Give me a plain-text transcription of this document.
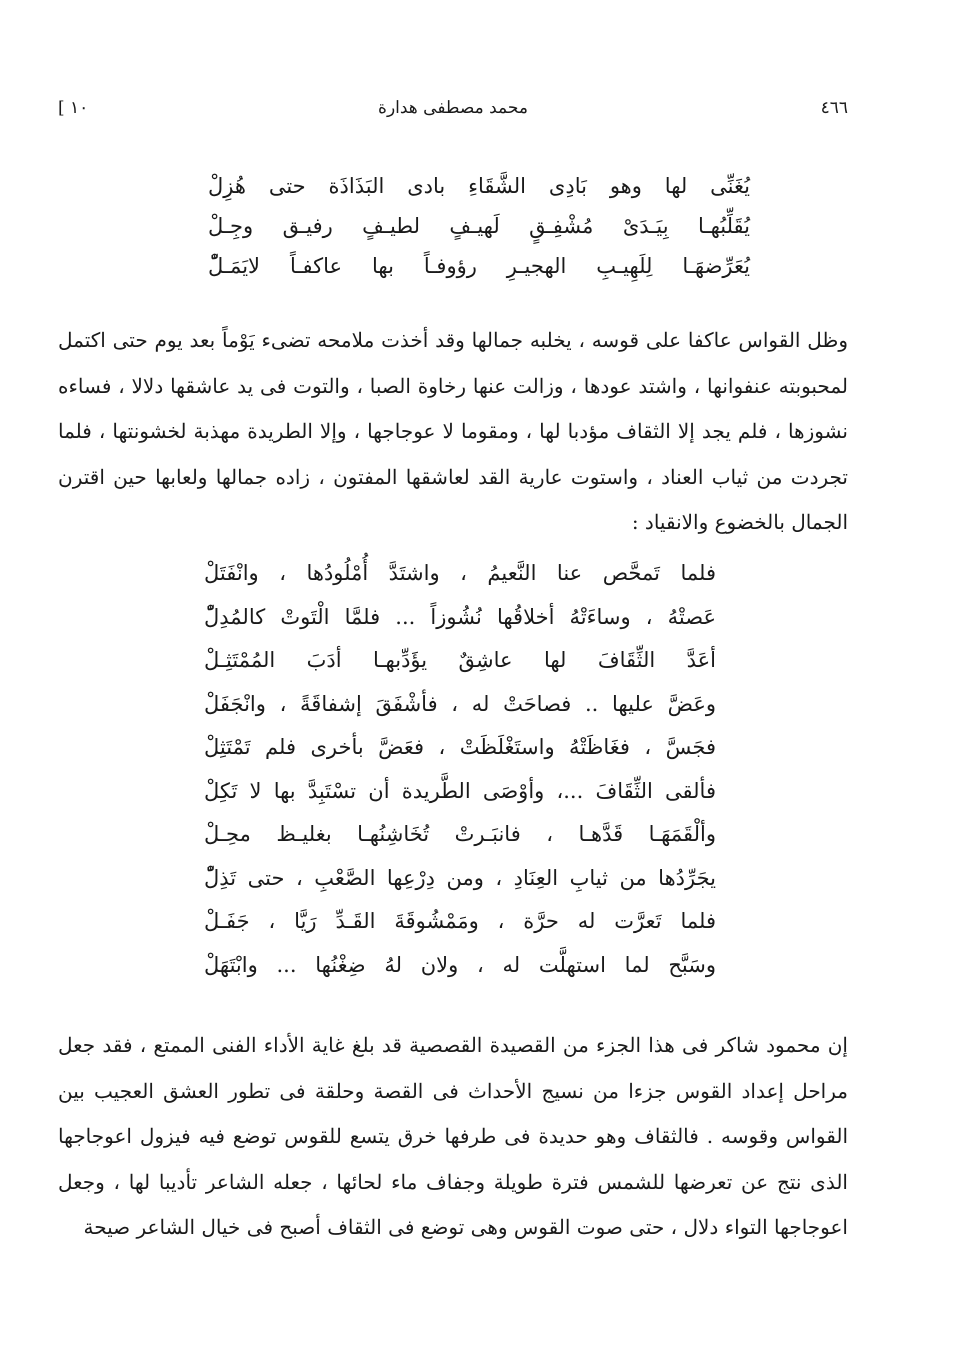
٤٦٦
محمد مصطفى هدارة
[ ١٠
يُغَنِّى لها وهو بَادِى الشَّقَاءِ بادى البَذَاذَة حتى هُزِلْ
يُقَلِّبُهـا بِيَـدَىْ مُشْفِـقٍ لَهيـفٍ لطيـفٍ رفيـق وجِـلْ
يُعَرِّضهَـا لِلَهِيـبِ الهجيـرِ رؤوفـاً بها عاكفـاً لايَمَـلّْ

وظل القواس عاكفا على قوسه ، يخلبه جمالها وقد أخذت ملامحه تضىء يَوْماً بعد يوم حتى اكتمل لمحبوبته عنفوانها ، واشتد عودها ، وزالت عنها رخاوة الصبا ، والتوت فى يد عاشقها دلالا ، فساءه نشوزها ، فلم يجد إلا الثقاف مؤدبا لها ، ومقوما لا عوجاجها ، وإلا الطريدة مهذبة لخشونتها ، فلما تجردت من ثياب العناد ، واستوت عارية القد لعاشقها المفتون ، زاده جمالها ولعابها حين اقترن الجمال بالخضوع والانقياد :

فلما تَمحَّص عنا النَّعيمُ ، واشتَدَّ أُمْلُودُها ، وانْفَتَلْ
عَصتْهُ ، وساءَتْهُ أخلاقُها نُشُوزاً ... فلمَّا الْتَوتْ كالمُدِلّْ
أعَدَّ الثِّقَافَ لها عاشِقٌ يؤَدِّبهـا أدَبَ المُمْتَثِـلْ
وعَضَّ عليها .. فصاحَتْ له ، فأشْفَقَ إشفاقَةً ، وانْجَفَلْ
فجَسَّ ، فغَاظَتْهُ واستَغْلَظَتْ ، فعَضَّ بأخرى فلم تَمْتَثِلْ
فألقى الثِّقَافَ ...، وأوْصَى الطَّريدة أن تسْتَبِدَّ بها لا تَكِلْ
وألْقَمَهَـا قَدَّهـا ، فانبَـرتْ تُخَاشِنُهـا بغليـظ محِـلْ
يجَرِّدُها من ثيابِ العِنَادِ ، ومن دِرْعِها الصَّعْبِ ، حتى تَذِلّْ
فلما تَعرَّت له حرَّة ، ومَمْشُوقَةَ القَـدِّ رَيَّا ، جَفَـلْ
وسَبَّح لما استهلَّت له ، ولان لهُ ضِغْنُها ... وابْتَهَلْ

إن محمود شاكر فى هذا الجزء من القصيدة القصصية قد بلغ غاية الأداء الفنى الممتع ، فقد جعل مراحل إعداد القوس جزءا من نسيج الأحداث فى القصة وحلقة فى تطور العشق العجيب بين القواس وقوسه . فالثقاف وهو حديدة فى طرفها خرق يتسع للقوس توضع فيه فيزول اعوجاجها الذى نتج عن تعرضها للشمس فترة طويلة وجفاف ماء لحائها ، جعله الشاعر تأديبا لها ، وجعل اعوجاجها التواء دلال ، حتى صوت القوس وهى توضع فى الثقاف أصبح فى خيال الشاعر صيحة
